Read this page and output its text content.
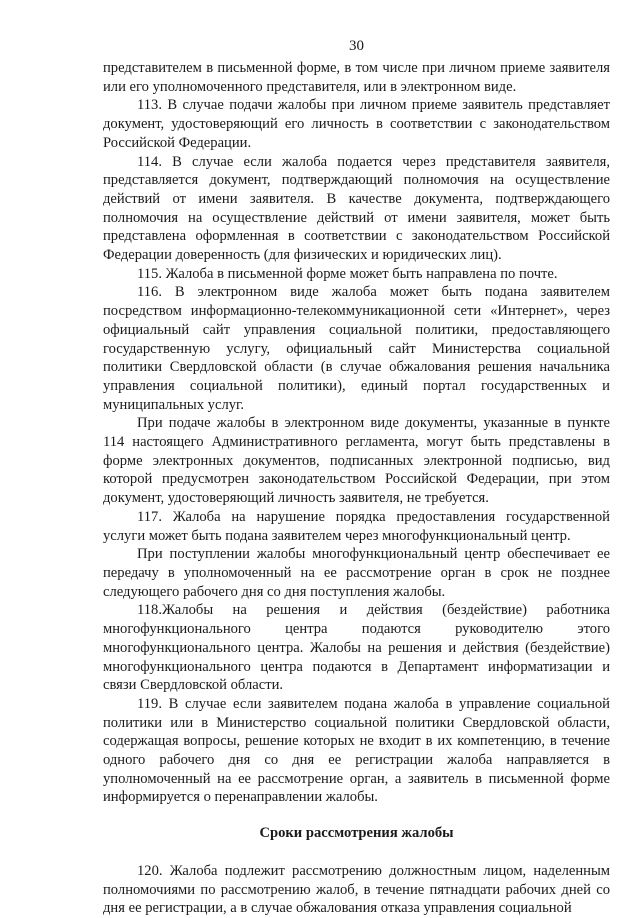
30

представителем в письменной форме, в том числе при личном приеме заявителя или его уполномоченного представителя, или в электронном виде.

113. В случае подачи жалобы при личном приеме заявитель представляет документ, удостоверяющий его личность в соответствии с законодательством Российской Федерации.

114. В случае если жалоба подается через представителя заявителя, представляется документ, подтверждающий полномочия на осуществление действий от имени заявителя. В качестве документа, подтверждающего полномочия на осуществление действий от имени заявителя, может быть представлена оформленная в соответствии с законодательством Российской Федерации доверенность (для физических и юридических лиц).

115. Жалоба в письменной форме может быть направлена по почте.

116. В электронном виде жалоба может быть подана заявителем посредством информационно-телекоммуникационной сети «Интернет», через официальный сайт управления социальной политики, предоставляющего государственную услугу, официальный сайт Министерства социальной политики Свердловской области (в случае обжалования решения начальника управления социальной политики), единый портал государственных и муниципальных услуг.

При подаче жалобы в электронном виде документы, указанные в пункте 114 настоящего Административного регламента, могут быть представлены в форме электронных документов, подписанных электронной подписью, вид которой предусмотрен законодательством Российской Федерации, при этом документ, удостоверяющий личность заявителя, не требуется.

117. Жалоба на нарушение порядка предоставления государственной услуги может быть подана заявителем через многофункциональный центр.

При поступлении жалобы многофункциональный центр обеспечивает ее передачу в уполномоченный на ее рассмотрение орган в срок не позднее следующего рабочего дня со дня поступления жалобы.

118.Жалобы на решения и действия (бездействие) работника многофункционального центра подаются руководителю этого многофункционального центра. Жалобы на решения и действия (бездействие) многофункционального центра подаются в Департамент информатизации и связи Свердловской области.

119. В случае если заявителем подана жалоба в управление социальной политики или в Министерство социальной политики Свердловской области, содержащая вопросы, решение которых не входит в их компетенцию, в течение одного рабочего дня со дня ее регистрации жалоба направляется в уполномоченный на ее рассмотрение орган, а заявитель в письменной форме информируется о перенаправлении жалобы.

Сроки рассмотрения жалобы

120. Жалоба подлежит рассмотрению должностным лицом, наделенным полномочиями по рассмотрению жалоб, в течение пятнадцати рабочих дней со дня ее регистрации, а в случае обжалования отказа управления социальной
